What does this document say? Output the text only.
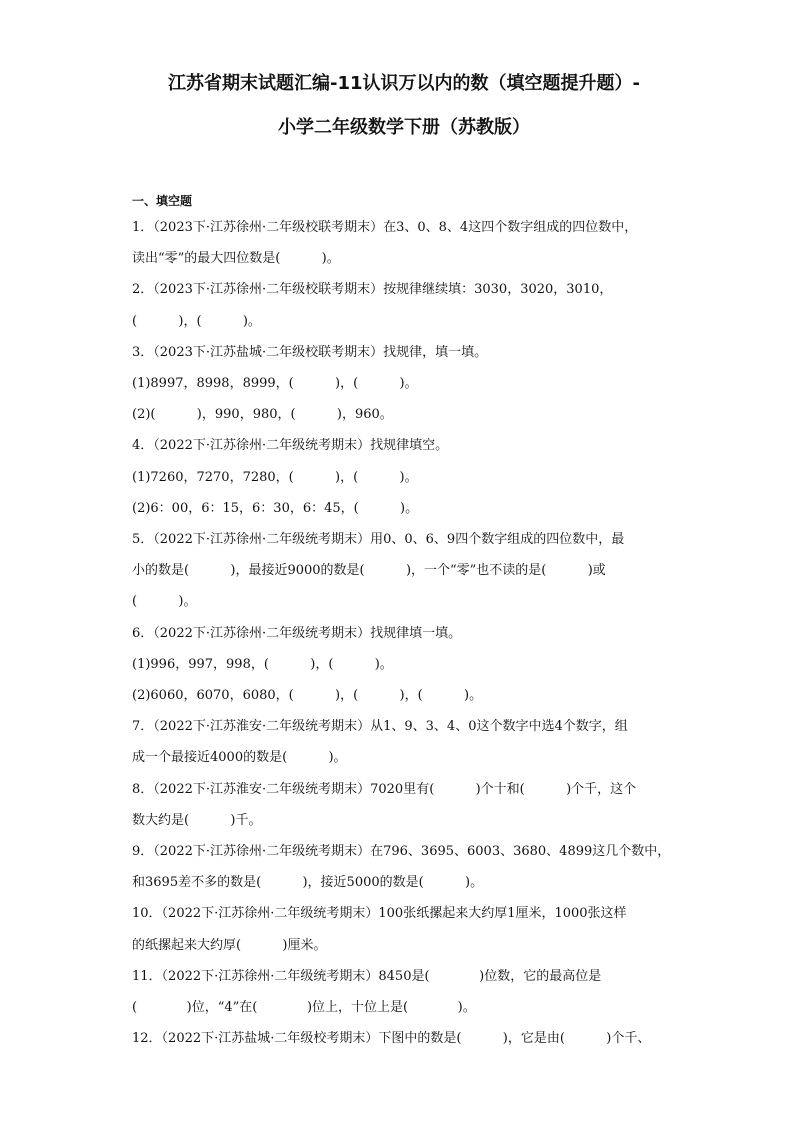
江苏省期末试题汇编-11认识万以内的数（填空题提升题）-
小学二年级数学下册（苏教版）
一、填空题
1．（2023下·江苏徐州·二年级校联考期末）在3、0、8、4这四个数字组成的四位数中，
读出“零”的最大四位数是(          )。
2．（2023下·江苏徐州·二年级校联考期末）按规律继续填：3030，3020，3010，
(          )，(          )。
3．（2023下·江苏盐城·二年级校联考期末）找规律，填一填。
(1)8997，8998，8999，(          )，(          )。
(2)(          )，990，980，(          )，960。
4．（2022下·江苏徐州·二年级统考期末）找规律填空。
(1)7260，7270，7280，(          )，(          )。
(2)6：00，6：15，6：30，6：45，(          )。
5．（2022下·江苏徐州·二年级统考期末）用0、0、6、9四个数字组成的四位数中，最
小的数是(          )，最接近9000的数是(          )，一个“零”也不读的是(          )或
(          )。
6．（2022下·江苏徐州·二年级统考期末）找规律填一填。
(1)996，997，998，(          )，(          )。
(2)6060，6070，6080，(          )，(          )，(          )。
7．（2022下·江苏淮安·二年级统考期末）从1、9、3、4、0这个数字中选4个数字，组
成一个最接近4000的数是(          )。
8．（2022下·江苏淮安·二年级统考期末）7020里有(          )个十和(          )个千，这个
数大约是(          )千。
9．（2022下·江苏徐州·二年级统考期末）在796、3695、6003、3680、4899这几个数中，
和3695差不多的数是(          )，接近5000的数是(          )。
10．（2022下·江苏徐州·二年级统考期末）100张纸摞起来大约厚1厘米，1000张这样
的纸摞起来大约厚(          )厘米。
11．（2022下·江苏徐州·二年级统考期末）8450是(            )位数，它的最高位是
(            )位，“4”在(            )位上，十位上是(            )。
12．（2022下·江苏盐城·二年级校考期末）下图中的数是(          )，它是由(          )个千、
